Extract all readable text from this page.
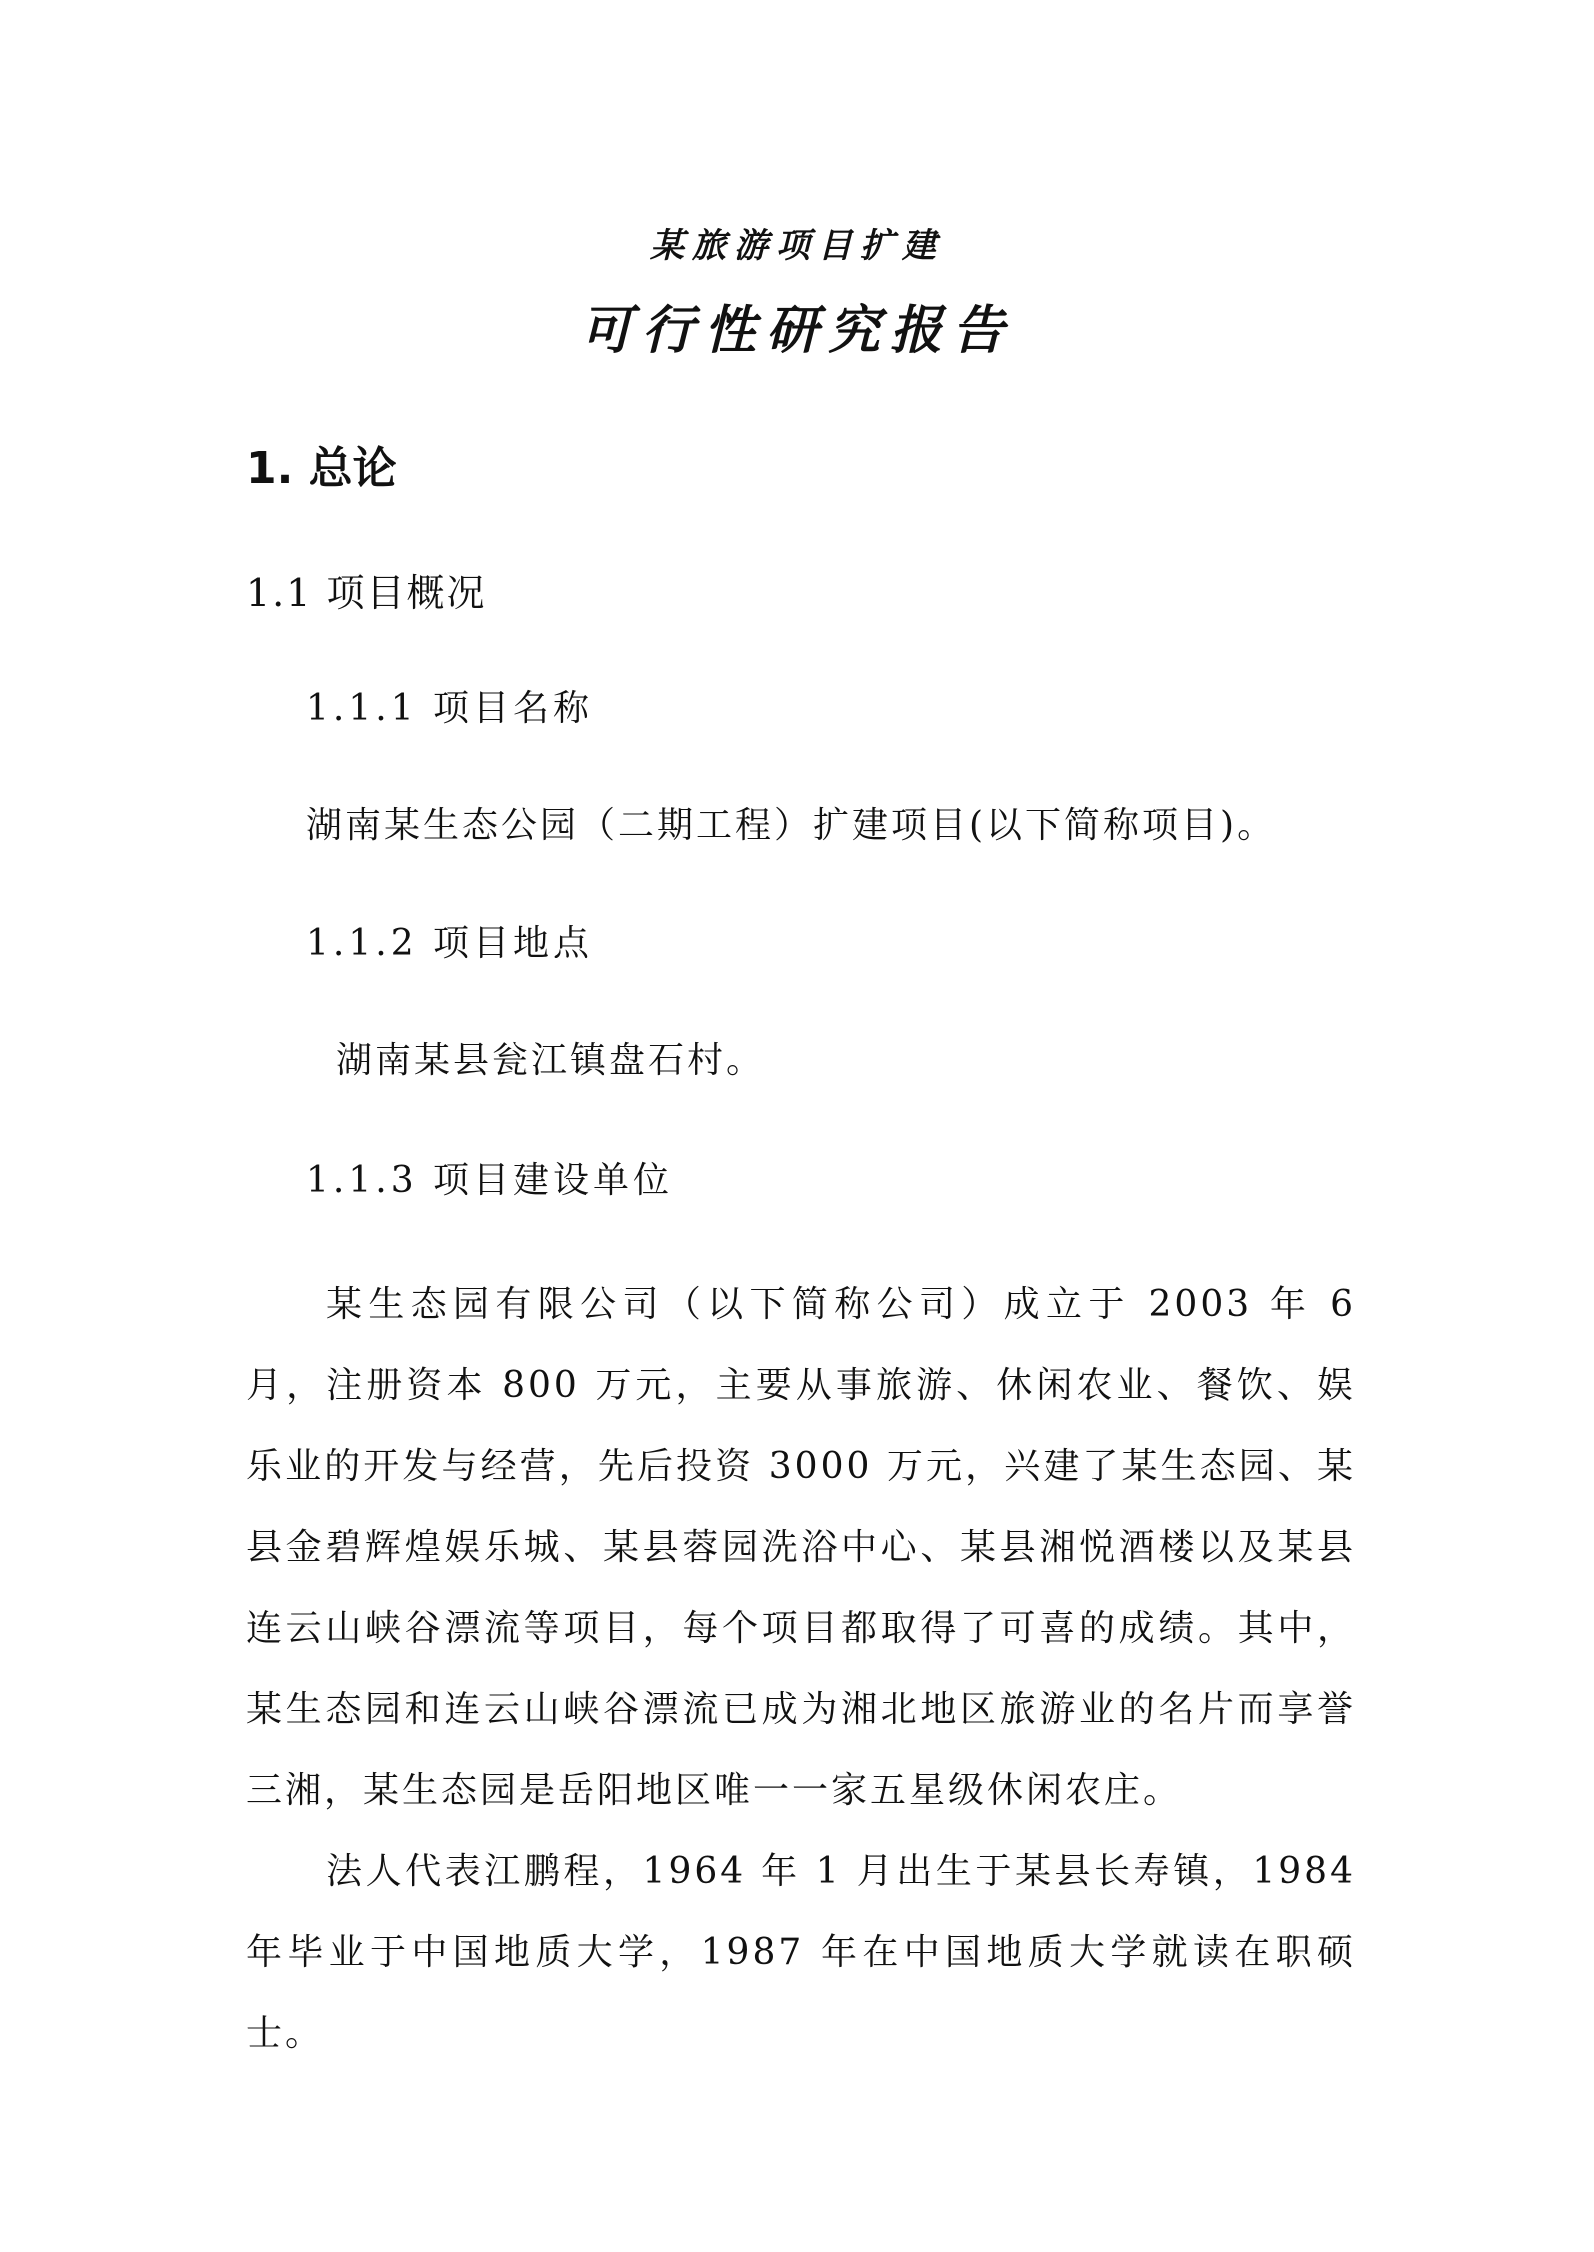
某旅游项目扩建
可行性研究报告
1. 总论
1.1 项目概况
1.1.1 项目名称
湖南某生态公园（二期工程）扩建项目(以下简称项目)。
1.1.2 项目地点
湖南某县瓮江镇盘石村。
1.1.3 项目建设单位

某生态园有限公司（以下简称公司）成立于 2003 年 6 月，注册资本 800 万元，主要从事旅游、休闲农业、餐饮、娱乐业的开发与经营，先后投资 3000 万元，兴建了某生态园、某县金碧辉煌娱乐城、某县蓉园洗浴中心、某县湘悦酒楼以及某县连云山峡谷漂流等项目，每个项目都取得了可喜的成绩。其中，某生态园和连云山峡谷漂流已成为湘北地区旅游业的名片而享誉三湘，某生态园是岳阳地区唯一一家五星级休闲农庄。

法人代表江鹏程，1964 年 1 月出生于某县长寿镇，1984 年毕业于中国地质大学，1987 年在中国地质大学就读在职硕士。
